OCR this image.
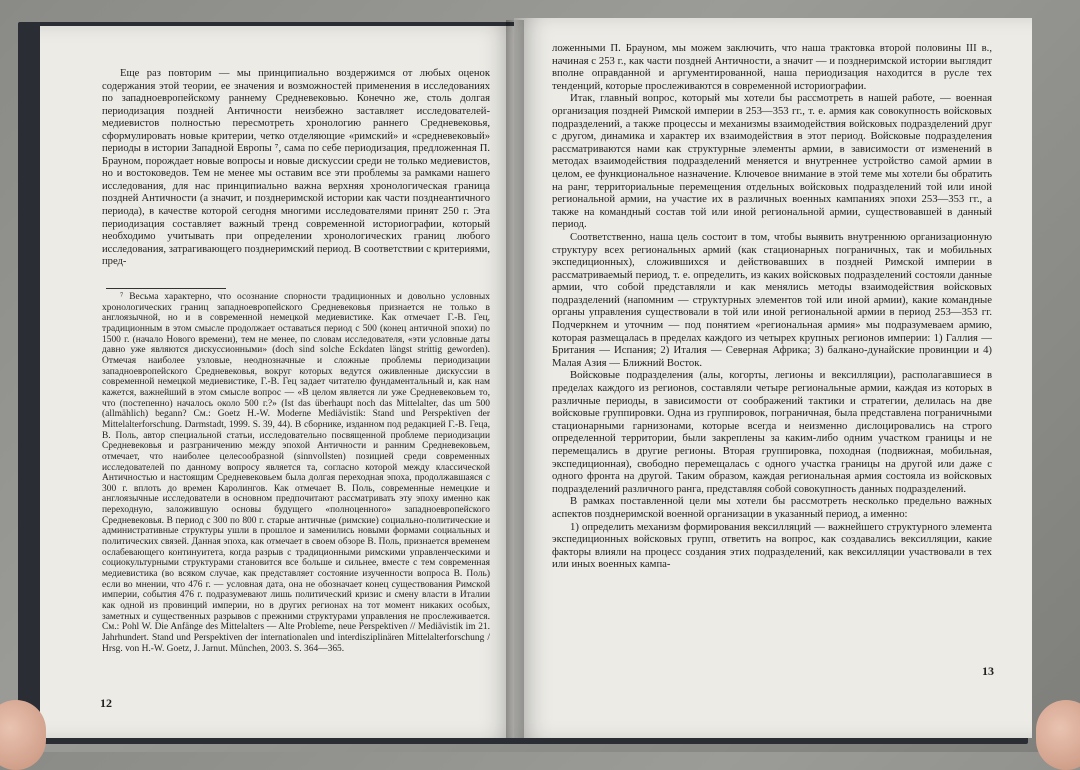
Еще раз повторим — мы принципиально воздержимся от любых оценок содержания этой теории, ее значения и возможностей применения в исследованиях по западноевропейскому раннему Средневековью. Конечно же, столь долгая периодизация поздней Античности неизбежно заставляет исследователей-медиевистов полностью пересмотреть хронологию раннего Средневековья, сформулировать новые критерии, четко отделяющие «римский» и «средневековый» периоды в истории Западной Европы ⁷, сама по себе периодизация, предложенная П. Брауном, порождает новые вопросы и новые дискуссии среди не только медиевистов, но и востоковедов. Тем не менее мы оставим все эти проблемы за рамками нашего исследования, для нас принципиально важна верхняя хронологическая граница поздней Античности (а значит, и позднеримской истории как части позднеантичного периода), в качестве которой сегодня многими исследователями принят 250 г. Эта периодизация составляет важный тренд современной историографии, который необходимо учитывать при определении хронологических границ любого исследования, затрагивающего позднеримский период. В соответствии с критериями, пред-

⁷ Весьма характерно, что осознание спорности традиционных и довольно условных хронологических границ западноевропейского Средневековья признается не только в англоязычной, но и в современной немецкой медиевистике. Как отмечает Г.-В. Гец, традиционным в этом смысле продолжает оставаться период с 500 (конец античной эпохи) по 1500 г. (начало Нового времени), тем не менее, по словам исследователя, «эти условные даты давно уже являются дискуссионными» (doch sind solche Eckdaten längst strittig geworden). Отмечая наиболее узловые, неоднозначные и сложные проблемы периодизации западноевропейского Средневековья, вокруг которых ведутся оживленные дискуссии в современной немецкой медиевистике, Г.-В. Гец задает читателю фундаментальный и, как нам кажется, важнейший в этом смысле вопрос — «В целом является ли уже Средневековьем то, что (постепенно) началось около 500 г.?» (Ist das überhaupt noch das Mittelalter, das um 500 (allmählich) begann? См.: Goetz H.-W. Moderne Mediävistik: Stand und Perspektiven der Mittelalterforschung. Darmstadt, 1999. S. 39, 44). В сборнике, изданном под редакцией Г.-В. Геца, В. Поль, автор специальной статьи, исследовательно посвященной проблеме периодизации Средневековья и разграничению между эпохой Античности и ранним Средневековьем, отмечает, что наиболее целесообразной (sinnvollsten) позицией среди современных исследователей по данному вопросу является та, согласно которой между классической Античностью и настоящим Средневековьем была долгая переходная эпоха, продолжавшаяся с 300 г. вплоть до времен Каролингов. Как отмечает В. Поль, современные немецкие и англоязычные исследователи в основном предпочитают рассматривать эту эпоху именно как переходную, заложившую основы будущего «полноценного» западноевропейского Средневековья. В период с 300 по 800 г. старые античные (римские) социально-политические и административные структуры ушли в прошлое и заменились новыми формами социальных и политических связей. Данная эпоха, как отмечает в своем обзоре В. Поль, признается временем ослабевающего континуитета, когда разрыв с традиционными римскими управленческими и социокультурными структурами становится все больше и сильнее, вместе с тем современная медиевистика (во всяком случае, как представляет состояние изученности вопроса В. Поль) если во мнении, что 476 г. — условная дата, она не обозначает конец существования Римской империи, события 476 г. подразумевают лишь политический кризис и смену власти в Италии как одной из провинций империи, но в других регионах на тот момент никаких особых, заметных и существенных разрывов с прежними структурами управления не прослеживается. См.: Pohl W. Die Anfänge des Mittelalters — Alte Probleme, neue Perspektiven // Mediävistik im 21. Jahrhundert. Stand und Perspektiven der internationalen und interdisziplinären Mittelalterforschung / Hrsg. von H.-W. Goetz, J. Jarnut. München, 2003. S. 364—365.

12

ложенными П. Брауном, мы можем заключить, что наша трактовка второй половины III в., начиная с 253 г., как части поздней Античности, а значит — и позднеримской истории выглядит вполне оправданной и аргументированной, наша периодизация находится в русле тех тенденций, которые прослеживаются в современной историографии.

Итак, главный вопрос, который мы хотели бы рассмотреть в нашей работе, — военная организация поздней Римской империи в 253—353 гг., т. е. армия как совокупность войсковых подразделений, а также процессы и механизмы взаимодействия войсковых подразделений друг с другом, динамика и характер их взаимодействия в этот период. Войсковые подразделения рассматриваются нами как структурные элементы армии, в зависимости от изменений в методах взаимодействия подразделений меняется и внутреннее устройство самой армии в целом, ее функциональное назначение. Ключевое внимание в этой теме мы хотели бы обратить на ранг, территориальные перемещения отдельных войсковых подразделений той или иной региональной армии, на участие их в различных военных кампаниях эпохи 253—353 гг., а также на командный состав той или иной региональной армии, существовавшей в данный период.

Соответственно, наша цель состоит в том, чтобы выявить внутреннюю организационную структуру всех региональных армий (как стационарных пограничных, так и мобильных экспедиционных), сложившихся и действовавших в поздней Римской империи в рассматриваемый период, т. е. определить, из каких войсковых подразделений состояли данные армии, что собой представляли и как менялись методы взаимодействия войсковых подразделений (напомним — структурных элементов той или иной армии), какие командные органы управления существовали в той или иной региональной армии в период 253—353 гг. Подчеркнем и уточним — под понятием «региональная армия» мы подразумеваем армию, которая размещалась в пределах каждого из четырех крупных регионов империи: 1) Галлия — Британия — Испания; 2) Италия — Северная Африка; 3) балкано-дунайские провинции и 4) Малая Азия — Ближний Восток.

Войсковые подразделения (алы, когорты, легионы и вексилляции), располагавшиеся в пределах каждого из регионов, составляли четыре региональные армии, каждая из которых в различные периоды, в зависимости от соображений тактики и стратегии, делилась на две войсковые группировки. Одна из группировок, пограничная, была представлена пограничными стационарными гарнизонами, которые всегда и неизменно дислоцировались на строго определенной территории, были закреплены за каким-либо одним участком границы и не перемещались в другие регионы. Вторая группировка, походная (подвижная, мобильная, экспедиционная), свободно перемещалась с одного участка границы на другой или даже с одного фронта на другой. Таким образом, каждая региональная армия состояла из войсковых подразделений различного ранга, представляя собой совокупность данных подразделений.

В рамках поставленной цели мы хотели бы рассмотреть несколько предельно важных аспектов позднеримской военной организации в указанный период, а именно:

1) определить механизм формирования вексилляций — важнейшего структурного элемента экспедиционных войсковых групп, ответить на вопрос, как создавались вексилляции, какие факторы влияли на процесс создания этих подразделений, как вексилляции участвовали в тех или иных военных кампа-

13
